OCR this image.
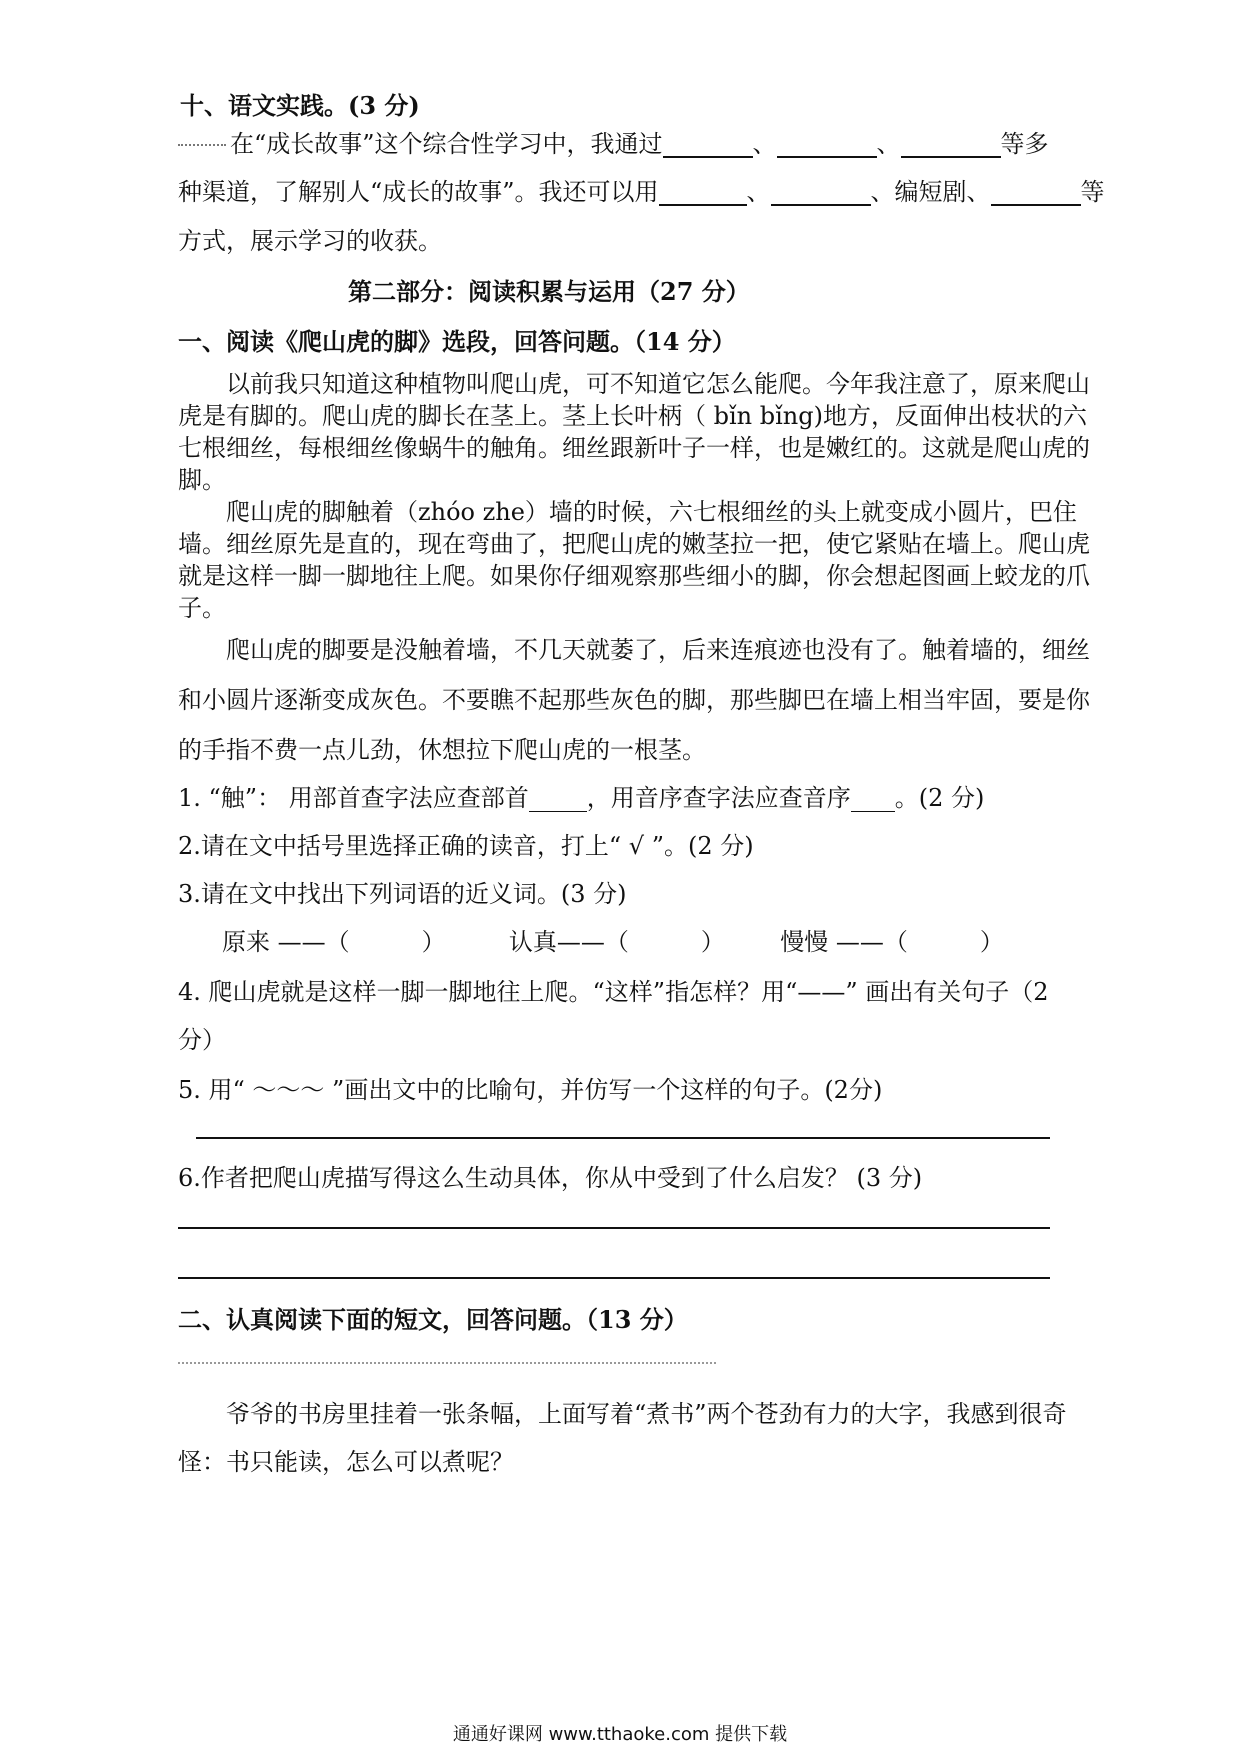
十、语文实践。(3 分)
在“成长故事”这个综合性学习中，我通过	、	、	等多
种渠道，了解别人“成长的故事”。我还可以用	、	、编短剧、	等
方式，展示学习的收获。
第二部分：阅读积累与运用（27 分）
一、阅读《爬山虎的脚》选段，回答问题。（14 分）
以前我只知道这种植物叫爬山虎，可不知道它怎么能爬。今年我注意了，原来爬山
虎是有脚的。爬山虎的脚长在茎上。茎上长叶柄（ bǐn bǐng)地方，反面伸出枝状的六
七根细丝，每根细丝像蜗牛的触角。细丝跟新叶子一样，也是嫩红的。这就是爬山虎的
脚。
爬山虎的脚触着（zhóo zhe）墙的时候，六七根细丝的头上就变成小圆片，巴住
墙。细丝原先是直的，现在弯曲了，把爬山虎的嫩茎拉一把，使它紧贴在墙上。爬山虎
就是这样一脚一脚地往上爬。如果你仔细观察那些细小的脚，你会想起图画上蛟龙的爪
子。
爬山虎的脚要是没触着墙，不几天就萎了，后来连痕迹也没有了。触着墙的，细丝
和小圆片逐渐变成灰色。不要瞧不起那些灰色的脚，那些脚巴在墙上相当牢固，要是你
的手指不费一点儿劲，休想拉下爬山虎的一根茎。
1. “触”： 用部首查字法应查部首 ，用音序查字法应查音序 。(2 分)
2.请在文中括号里选择正确的读音，打上“ √ ”。(2 分)
3.请在文中找出下列词语的近义词。(3 分)
原来 ——（	）	认真——（	） 慢慢 ——（	）
4. 爬山虎就是这样一脚一脚地往上爬。“这样”指怎样？用“——” 画出有关句子（2
分）
5. 用“ ～～～ ”画出文中的比喻句，并仿写一个这样的句子。(2分)
6.作者把爬山虎描写得这么生动具体，你从中受到了什么启发？ (3 分)
二、认真阅读下面的短文，回答问题。（13 分）
爷爷的书房里挂着一张条幅，上面写着“煮书”两个苍劲有力的大字，我感到很奇
怪：书只能读，怎么可以煮呢？
通通好课网 www.tthaoke.com 提供下载
